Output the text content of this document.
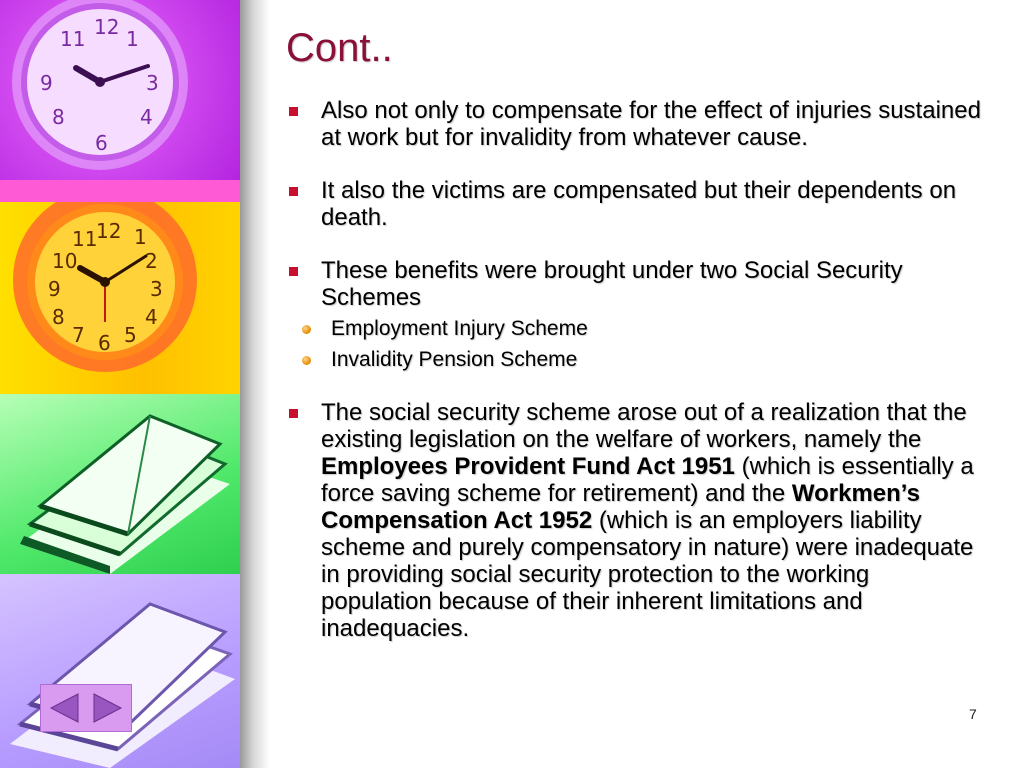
12
3
6
9
1
4
11
8
12
11 1
10	2
9	3
8	4
7 6 5
Cont..
Also not only to compensate for the effect of injuries sustained at work but for invalidity from whatever cause.
It also the victims are compensated but their dependents on death.
These benefits were brought under two Social Security Schemes
Employment Injury Scheme
Invalidity Pension Scheme
The social security scheme arose out of a realization that the existing legislation on the welfare of workers, namely the Employees Provident Fund Act 1951 (which is essentially a force saving scheme for retirement) and the Workmen’s Compensation Act 1952 (which is an employers liability scheme and purely compensatory in nature) were inadequate in providing social security protection to the working population because of their inherent limitations and inadequacies.
7
